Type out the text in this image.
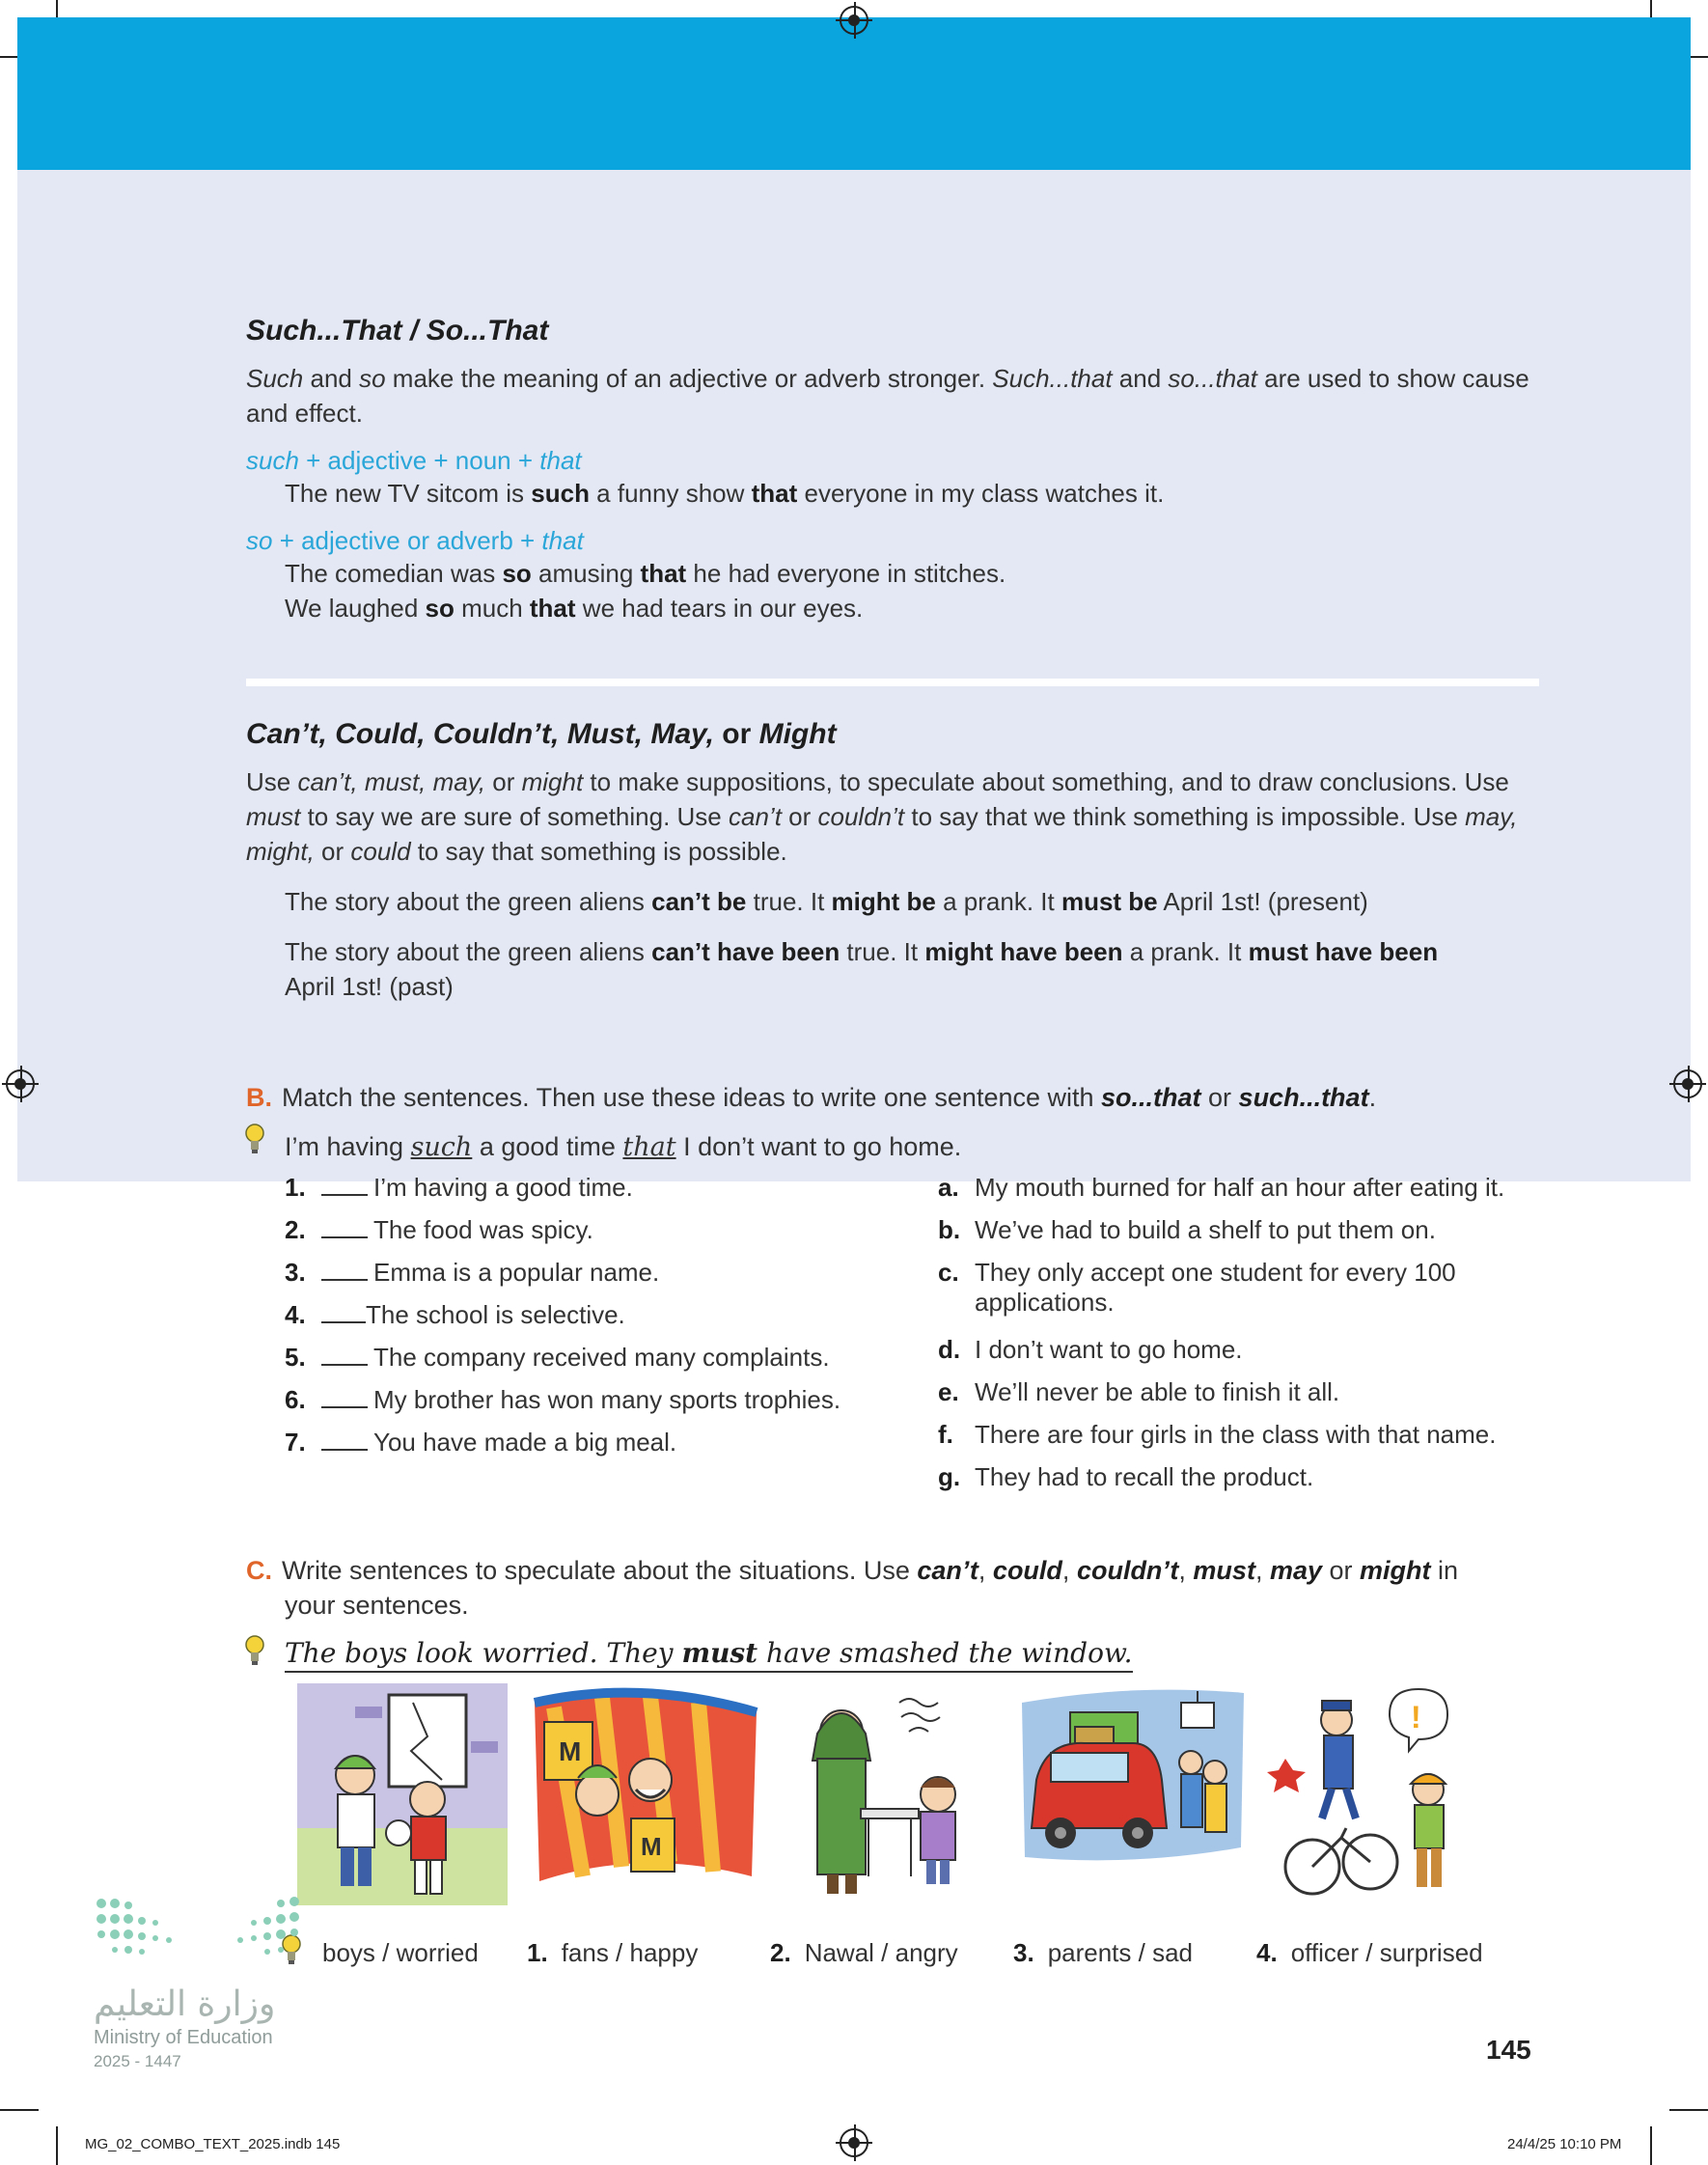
Such...That / So...That
Such and so make the meaning of an adjective or adverb stronger. Such...that and so...that are used to show cause and effect.
such + adjective + noun + that
The new TV sitcom is such a funny show that everyone in my class watches it.
so + adjective or adverb + that
The comedian was so amusing that he had everyone in stitches.
We laughed so much that we had tears in our eyes.
Can’t, Could, Couldn’t, Must, May, or Might
Use can’t, must, may, or might to make suppositions, to speculate about something, and to draw conclusions. Use must to say we are sure of something. Use can’t or couldn’t to say that we think something is impossible. Use may, might, or could to say that something is possible.
The story about the green aliens can’t be true. It might be a prank. It must be April 1st! (present)
The story about the green aliens can’t have been true. It might have been a prank. It must have been
April 1st! (past)
B. Match the sentences. Then use these ideas to write one sentence with so...that or such...that.
I’m having such a good time that I don’t want to go home.
1.	I’m having a good time.
2.	The food was spicy.
3.	Emma is a popular name.
4. The school is selective.
5.	The company received many complaints.
6.	My brother has won many sports trophies.
7.	You have made a big meal.
a. My mouth burned for half an hour after eating it.
b. We’ve had to build a shelf to put them on.
c. They only accept one student for every 100
applications.
d. I don’t want to go home.
e. We’ll never be able to finish it all.
f. There are four girls in the class with that name.
g. They had to recall the product.
C. Write sentences to speculate about the situations. Use can’t, could, couldn’t, must, may or might in
your sentences.
The boys look worried. They must have smashed the window.
M
M
!
boys / worried 1. fans / happy	2. Nawal / angry 3. parents / sad	4. officer / surprised
وزارة التعليم
Ministry of Education
2025 - 1447	145
MG_02_COMBO_TEXT_2025.indb 145	24/4/25 10:10 PM
